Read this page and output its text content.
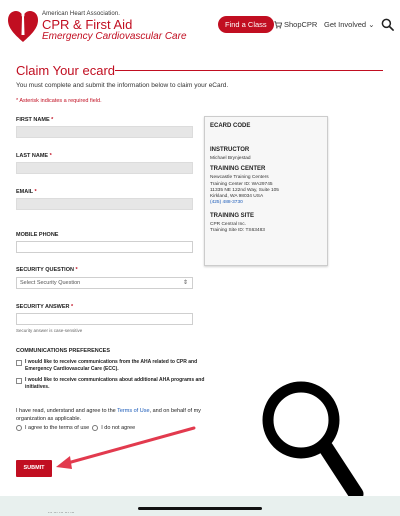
American Heart Association.
CPR & First Aid
Emergency Cardiovascular Care
Find a Class	ShopCPR Get Involved ⌄
Claim Your ecard
You must complete and submit the information below to claim your eCard.
* Asterisk indicates a required field.
FIRST NAME *
LAST NAME *
EMAIL *
MOBILE PHONE
SECURITY QUESTION *
Select Security Question	⇕
SECURITY ANSWER *
Security answer is case-sensitive
ECARD CODE
INSTRUCTOR
Michael Brynjestad
TRAINING CENTER
Newcastle Training Centers
Training Center ID: WA29745
11335 NE 122nd Way, Suite 105
Kirkland, WA 98034 USA
(425) 488-3730
TRAINING SITE
CPR Central Inc.
Training Site ID: TS63483
COMMUNICATIONS PREFERENCES
I would like to receive communications from the AHA related to CPR and Emergency Cardiovascular Care (ECC).
I would like to receive communications about additional AHA programs and initiatives.
I have read, understand and agree to the Terms of Use, and on behalf of my organization as applicable.
I agree to the terms of use I do not agree
SUBMIT
... ... ... ... ...
